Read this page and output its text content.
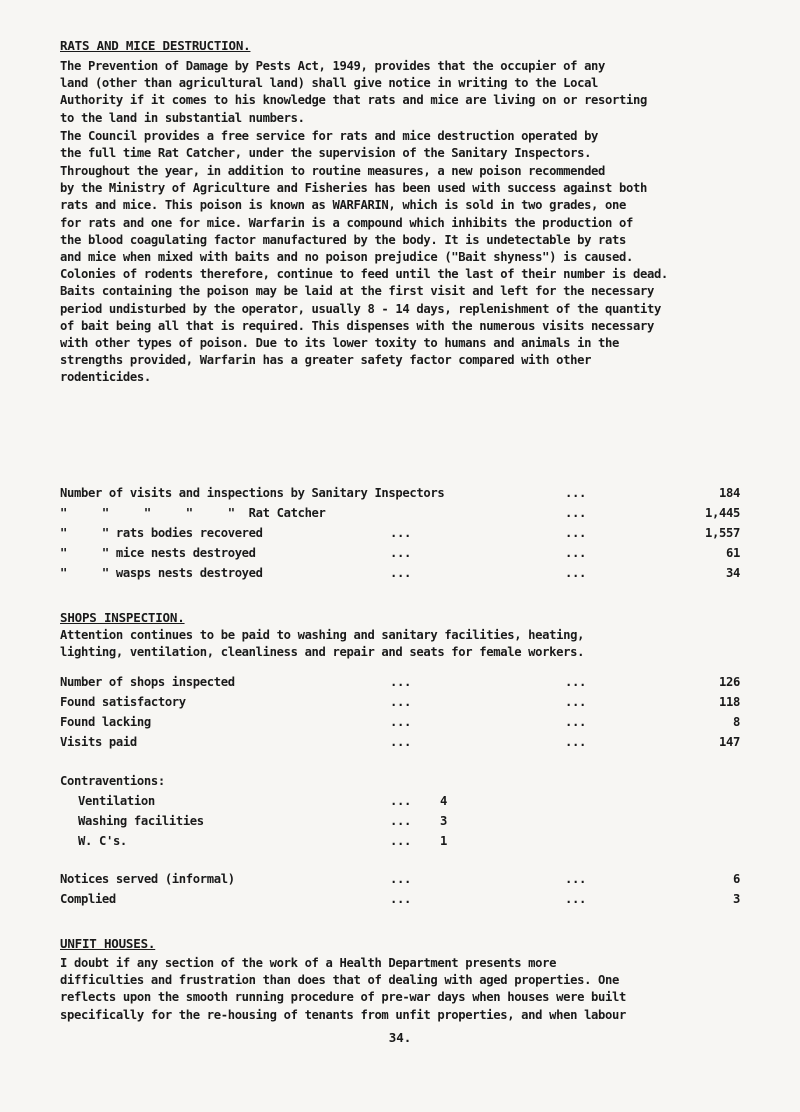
RATS AND MICE DESTRUCTION.

The Prevention of Damage by Pests Act, 1949, provides that the occupier of any
land (other than agricultural land) shall give notice in writing to the Local
Authority if it comes to his knowledge that rats and mice are living on or resorting
to the land in substantial numbers.

The Council provides a free service for rats and mice destruction operated by
the full time Rat Catcher, under the supervision of the Sanitary Inspectors.

Throughout the year, in addition to routine measures, a new poison recommended
by the Ministry of Agriculture and Fisheries has been used with success against both
rats and mice. This poison is known as WARFARIN, which is sold in two grades, one
for rats and one for mice. Warfarin is a compound which inhibits the production of
the blood coagulating factor manufactured by the body. It is undetectable by rats
and mice when mixed with baits and no poison prejudice ("Bait shyness") is caused.
Colonies of rodents therefore, continue to feed until the last of their number is dead.
Baits containing the poison may be laid at the first visit and left for the necessary
period undisturbed by the operator, usually 8 - 14 days, replenishment of the quantity
of bait being all that is required. This dispenses with the numerous visits necessary
with other types of poison. Due to its lower toxity to humans and animals in the
strengths provided, Warfarin has a greater safety factor compared with other
rodenticides.

Number of visits and inspections by Sanitary Inspectors	...	184
"     "     "     "     "  Rat Catcher	...	1,445
"     " rats bodies recovered	...	...	1,557
"     " mice nests destroyed	...	...	61
"     " wasps nests destroyed	...	...	34
SHOPS INSPECTION.

Attention continues to be paid to washing and sanitary facilities, heating,
lighting, ventilation, cleanliness and repair and seats for female workers.

Number of shops inspected	...	...	126
Found satisfactory	...	...	118
Found lacking	...	...	8
Visits paid	...	...	147
Contraventions:
Ventilation	... 4
Washing facilities	... 3
W. C's.	... 1
Notices served (informal)	...	...	6
Complied	...	...	3
UNFIT HOUSES.

I doubt if any section of the work of a Health Department presents more
difficulties and frustration than does that of dealing with aged properties. One
reflects upon the smooth running procedure of pre-war days when houses were built
specifically for the re-housing of tenants from unfit properties, and when labour

34.
